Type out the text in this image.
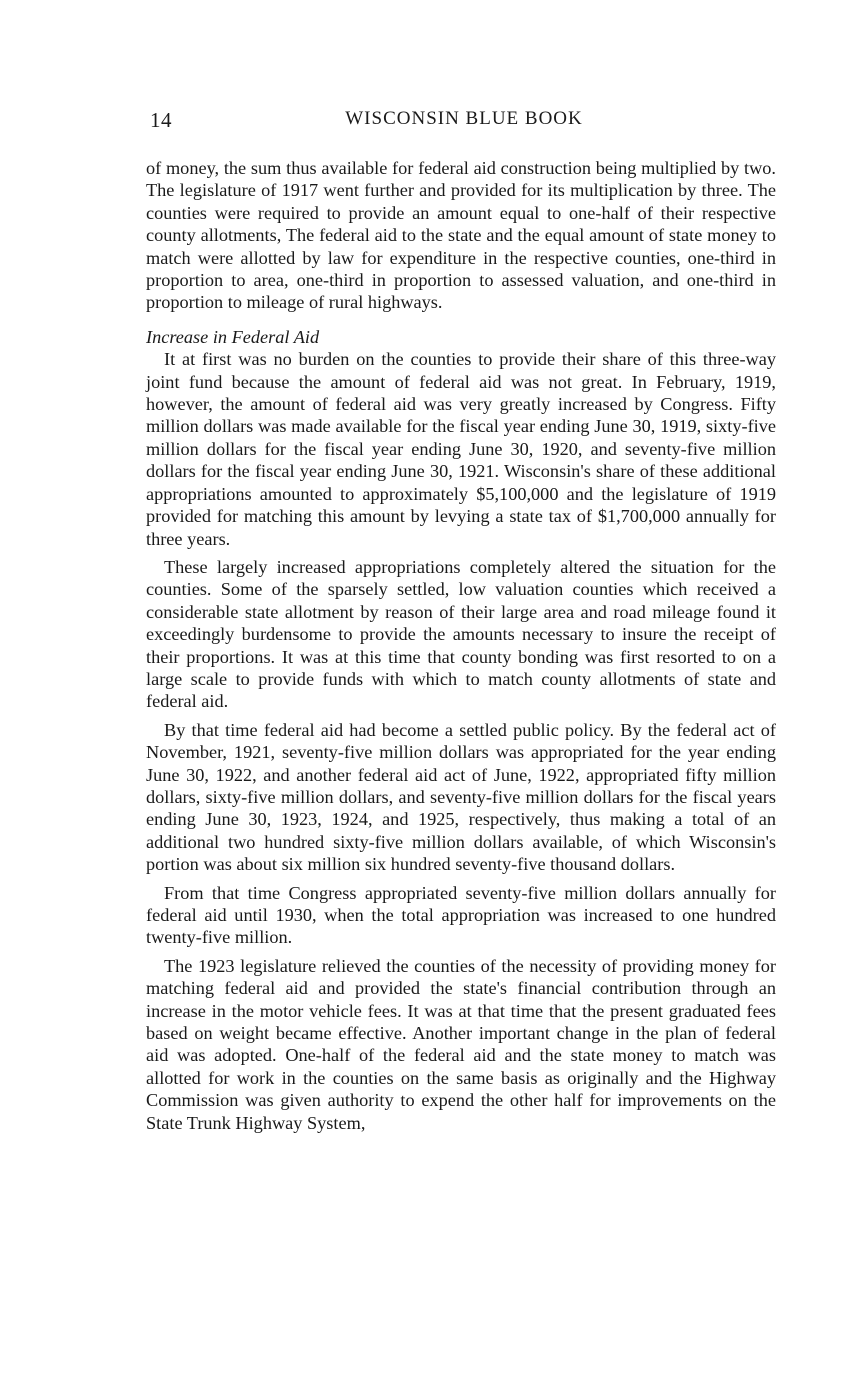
14	WISCONSIN BLUE BOOK

of money, the sum thus available for federal aid construction being multiplied by two. The legislature of 1917 went further and provided for its multiplication by three. The counties were required to provide an amount equal to one-half of their respective county allotments, The federal aid to the state and the equal amount of state money to match were allotted by law for expenditure in the respective counties, one-third in proportion to area, one-third in proportion to assessed valuation, and one-third in proportion to mileage of rural highways.

Increase in Federal Aid

It at first was no burden on the counties to provide their share of this three-way joint fund because the amount of federal aid was not great. In February, 1919, however, the amount of federal aid was very greatly increased by Congress. Fifty million dollars was made available for the fiscal year ending June 30, 1919, sixty-five million dollars for the fiscal year ending June 30, 1920, and seventy-five million dollars for the fiscal year ending June 30, 1921. Wisconsin's share of these additional appropriations amounted to approximately $5,100,000 and the legislature of 1919 provided for matching this amount by levying a state tax of $1,700,000 annually for three years.

These largely increased appropriations completely altered the situation for the counties. Some of the sparsely settled, low valuation counties which received a considerable state allotment by reason of their large area and road mileage found it exceedingly burdensome to provide the amounts necessary to insure the receipt of their proportions. It was at this time that county bonding was first resorted to on a large scale to provide funds with which to match county allotments of state and federal aid.

By that time federal aid had become a settled public policy. By the federal act of November, 1921, seventy-five million dollars was appropriated for the year ending June 30, 1922, and another federal aid act of June, 1922, appropriated fifty million dollars, sixty-five million dollars, and seventy-five million dollars for the fiscal years ending June 30, 1923, 1924, and 1925, respectively, thus making a total of an additional two hundred sixty-five million dollars available, of which Wisconsin's portion was about six million six hundred seventy-five thousand dollars.

From that time Congress appropriated seventy-five million dollars annually for federal aid until 1930, when the total appropriation was increased to one hundred twenty-five million.

The 1923 legislature relieved the counties of the necessity of providing money for matching federal aid and provided the state's financial contribution through an increase in the motor vehicle fees. It was at that time that the present graduated fees based on weight became effective. Another important change in the plan of federal aid was adopted. One-half of the federal aid and the state money to match was allotted for work in the counties on the same basis as originally and the Highway Commission was given authority to expend the other half for improvements on the State Trunk Highway System,
